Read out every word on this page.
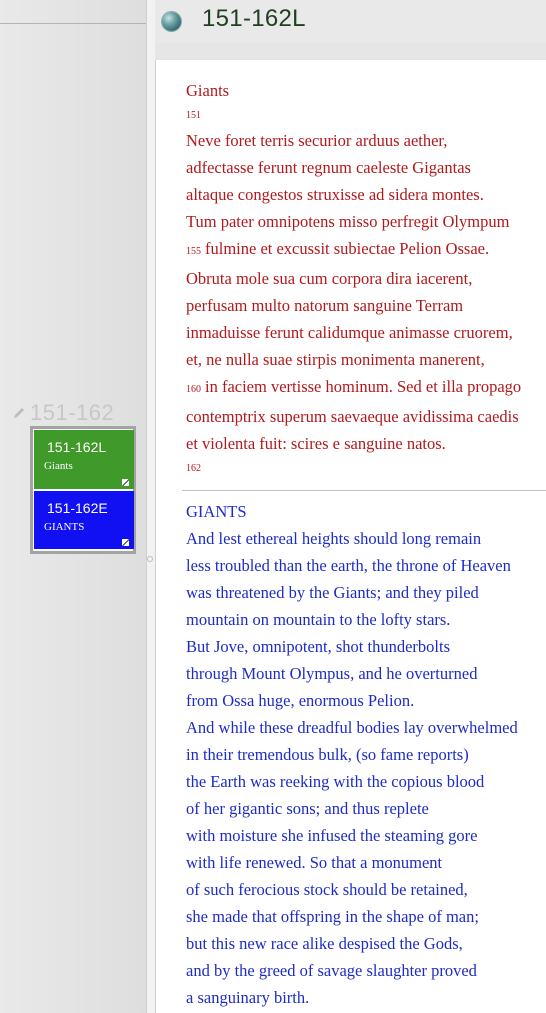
151-162
151-162L
Giants
151-162E
GIANTS
151-162L
Giants
151
Neve foret terris securior arduus aether,
adfectasse ferunt regnum caeleste Gigantas
altaque congestos struxisse ad sidera montes.
Tum pater omnipotens misso perfregit Olympum
155 fulmine et excussit subiectae Pelion Ossae.
Obruta mole sua cum corpora dira iacerent,
perfusam multo natorum sanguine Terram
inmaduisse ferunt calidumque animasse cruorem,
et, ne nulla suae stirpis monimenta manerent,
160 in faciem vertisse hominum. Sed et illa propago
contemptrix superum saevaeque avidissima caedis
et violenta fuit: scires e sanguine natos.
162
GIANTS
And lest ethereal heights should long remain
less troubled than the earth, the throne of Heaven
was threatened by the Giants; and they piled
mountain on mountain to the lofty stars.
But Jove, omnipotent, shot thunderbolts
through Mount Olympus, and he overturned
from Ossa huge, enormous Pelion.
And while these dreadful bodies lay overwhelmed
in their tremendous bulk, (so fame reports)
the Earth was reeking with the copious blood
of her gigantic sons; and thus replete
with moisture she infused the steaming gore
with life renewed. So that a monument
of such ferocious stock should be retained,
she made that offspring in the shape of man;
but this new race alike despised the Gods,
and by the greed of savage slaughter proved
a sanguinary birth.
